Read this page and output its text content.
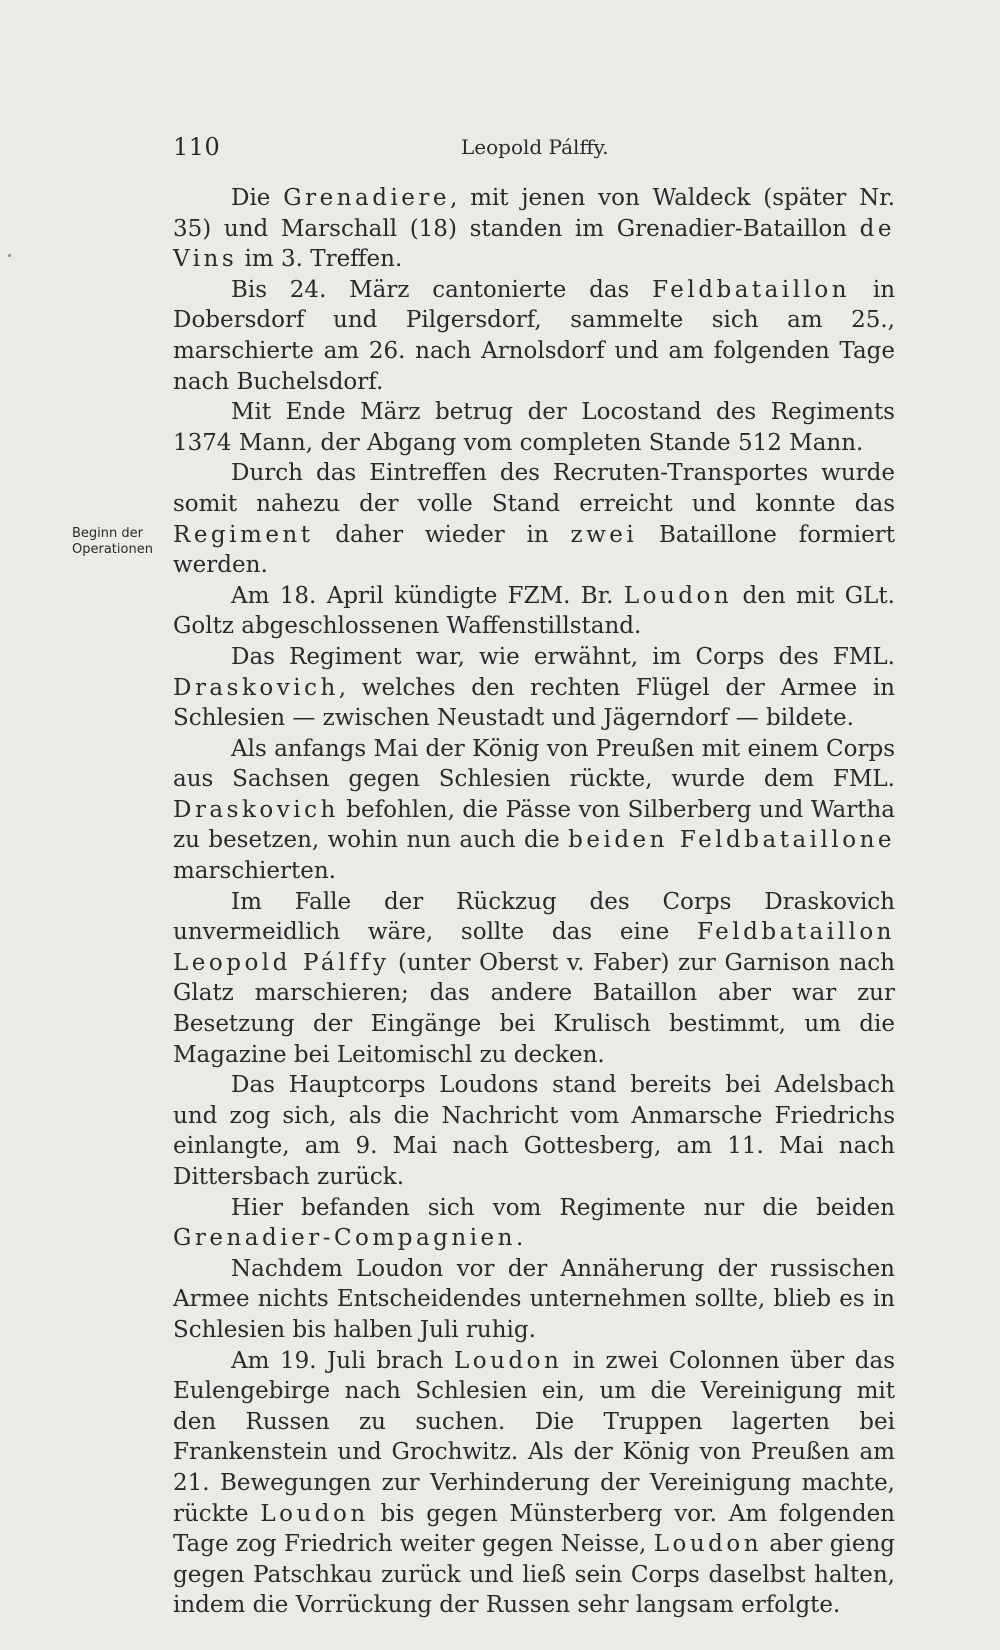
110	Leopold Pálffy.
Beginn der
Operationen

Die Grenadiere, mit jenen von Waldeck (später Nr. 35) und Marschall (18) standen im Grenadier-Bataillon de Vins im 3. Treffen.

Bis 24. März cantonierte das Feldbataillon in Dobersdorf und Pilgersdorf, sammelte sich am 25., marschierte am 26. nach Arnolsdorf und am folgenden Tage nach Buchelsdorf.

Mit Ende März betrug der Locostand des Regiments 1374 Mann, der Abgang vom completen Stande 512 Mann.

Durch das Eintreffen des Recruten-Transportes wurde somit nahezu der volle Stand erreicht und konnte das Regiment daher wieder in zwei Bataillone formiert werden.

Am 18. April kündigte FZM. Br. Loudon den mit GLt. Goltz abgeschlossenen Waffenstillstand.

Das Regiment war, wie erwähnt, im Corps des FML. Draskovich, welches den rechten Flügel der Armee in Schlesien — zwischen Neustadt und Jägerndorf — bildete.

Als anfangs Mai der König von Preußen mit einem Corps aus Sachsen gegen Schlesien rückte, wurde dem FML. Draskovich befohlen, die Pässe von Silberberg und Wartha zu besetzen, wohin nun auch die beiden Feldbataillone marschierten.

Im Falle der Rückzug des Corps Draskovich unvermeidlich wäre, sollte das eine Feldbataillon Leopold Pálffy (unter Oberst v. Faber) zur Garnison nach Glatz marschieren; das andere Bataillon aber war zur Besetzung der Eingänge bei Krulisch bestimmt, um die Magazine bei Leitomischl zu decken.

Das Hauptcorps Loudons stand bereits bei Adelsbach und zog sich, als die Nachricht vom Anmarsche Friedrichs einlangte, am 9. Mai nach Gottesberg, am 11. Mai nach Dittersbach zurück.

Hier befanden sich vom Regimente nur die beiden Grenadier-Compagnien.

Nachdem Loudon vor der Annäherung der russischen Armee nichts Entscheidendes unternehmen sollte, blieb es in Schlesien bis halben Juli ruhig.

Am 19. Juli brach Loudon in zwei Colonnen über das Eulengebirge nach Schlesien ein, um die Vereinigung mit den Russen zu suchen. Die Truppen lagerten bei Frankenstein und Grochwitz. Als der König von Preußen am 21. Bewegungen zur Verhinderung der Vereinigung machte, rückte Loudon bis gegen Münsterberg vor. Am folgenden Tage zog Friedrich weiter gegen Neisse, Loudon aber gieng gegen Patschkau zurück und ließ sein Corps daselbst halten, indem die Vorrückung der Russen sehr langsam erfolgte.
